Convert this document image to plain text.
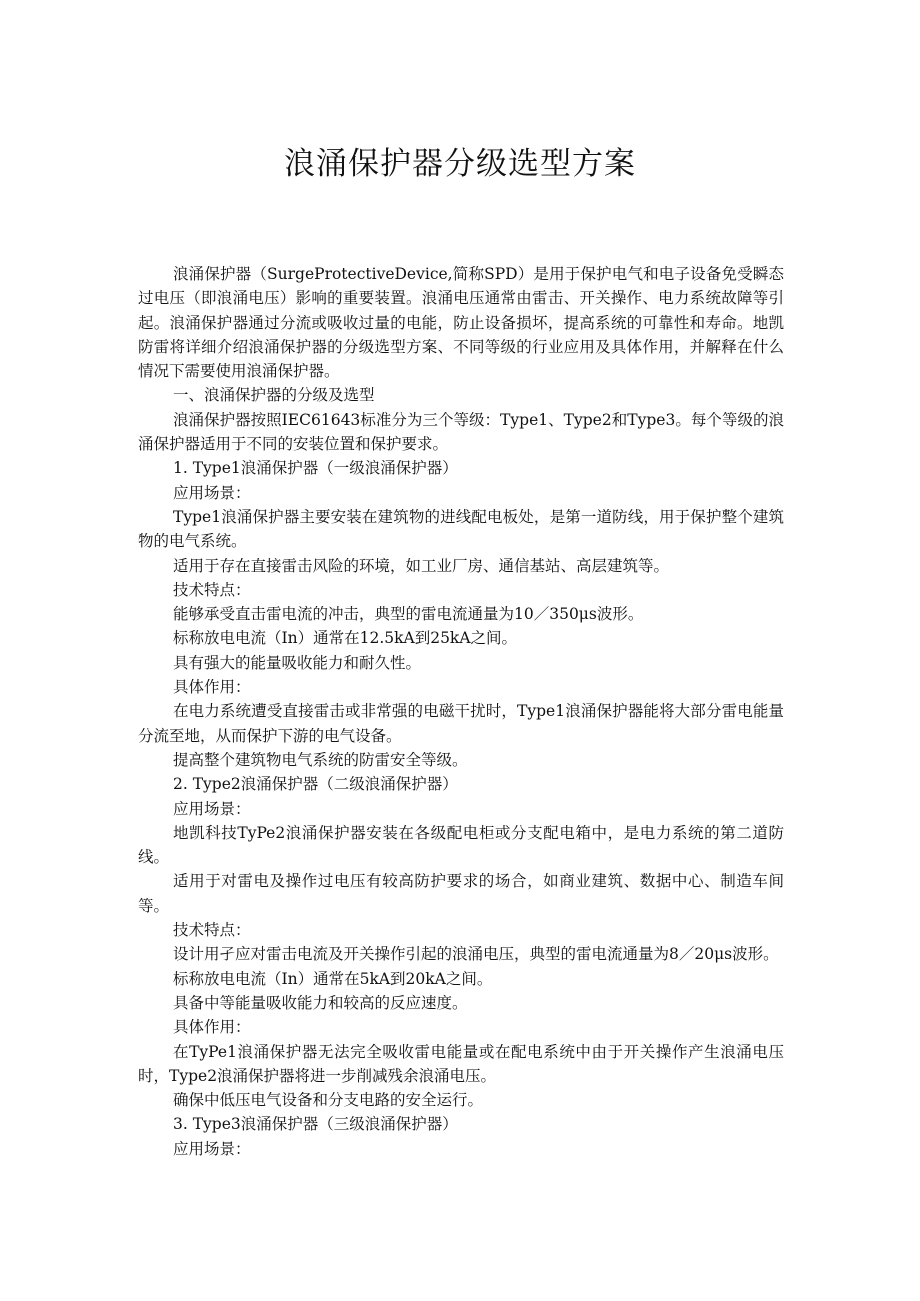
浪涌保护器分级选型方案

浪涌保护器（SurgeProtectiveDevice,简称SPD）是用于保护电气和电子设备免受瞬态过电压（即浪涌电压）影响的重要装置。浪涌电压通常由雷击、开关操作、电力系统故障等引起。浪涌保护器通过分流或吸收过量的电能，防止设备损坏，提高系统的可靠性和寿命。地凯防雷将详细介绍浪涌保护器的分级选型方案、不同等级的行业应用及具体作用，并解释在什么情况下需要使用浪涌保护器。

一、浪涌保护器的分级及选型

浪涌保护器按照IEC61643标准分为三个等级：Type1、Type2和Type3。每个等级的浪涌保护器适用于不同的安装位置和保护要求。

1. Type1浪涌保护器（一级浪涌保护器）

应用场景：

Type1浪涌保护器主要安装在建筑物的进线配电板处，是第一道防线，用于保护整个建筑物的电气系统。

适用于存在直接雷击风险的环境，如工业厂房、通信基站、高层建筑等。

技术特点：

能够承受直击雷电流的冲击，典型的雷电流通量为10／350μs波形。

标称放电电流（In）通常在12.5kA到25kA之间。

具有强大的能量吸收能力和耐久性。

具体作用：

在电力系统遭受直接雷击或非常强的电磁干扰时，Type1浪涌保护器能将大部分雷电能量分流至地，从而保护下游的电气设备。

提高整个建筑物电气系统的防雷安全等级。

2. Type2浪涌保护器（二级浪涌保护器）

应用场景：

地凯科技TyPe2浪涌保护器安装在各级配电柜或分支配电箱中，是电力系统的第二道防线。

适用于对雷电及操作过电压有较高防护要求的场合，如商业建筑、数据中心、制造车间等。

技术特点：

设计用孑应对雷击电流及开关操作引起的浪涌电压，典型的雷电流通量为8／20μs波形。

标称放电电流（In）通常在5kA到20kA之间。

具备中等能量吸收能力和较高的反应速度。

具体作用：

在TyPe1浪涌保护器无法完全吸收雷电能量或在配电系统中由于开关操作产生浪涌电压时，Type2浪涌保护器将进一步削减残余浪涌电压。

确保中低压电气设备和分支电路的安全运行。

3. Type3浪涌保护器（三级浪涌保护器）

应用场景：
